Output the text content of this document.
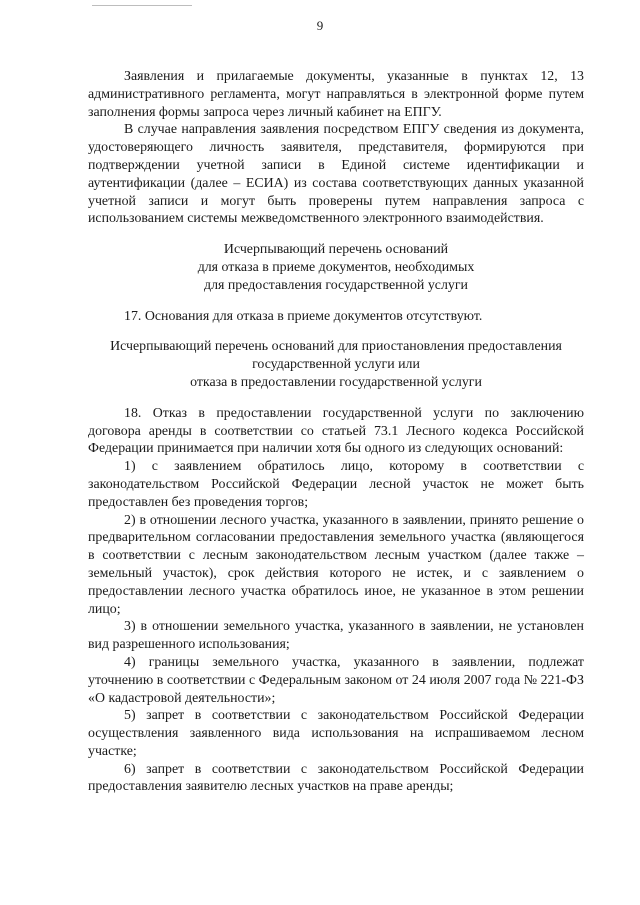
9

Заявления и прилагаемые документы, указанные в пунктах 12, 13 административного регламента, могут направляться в электронной форме путем заполнения формы запроса через личный кабинет на ЕПГУ.

В случае направления заявления посредством ЕПГУ сведения из документа, удостоверяющего личность заявителя, представителя, формируются при подтверждении учетной записи в Единой системе идентификации и аутентификации (далее – ЕСИА) из состава соответствующих данных указанной учетной записи и могут быть проверены путем направления запроса с использованием системы межведомственного электронного взаимодействия.

Исчерпывающий перечень оснований
для отказа в приеме документов, необходимых
для предоставления государственной услуги

17. Основания для отказа в приеме документов отсутствуют.

Исчерпывающий перечень оснований для приостановления предоставления
государственной услуги или
отказа в предоставлении государственной услуги

18. Отказ в предоставлении государственной услуги по заключению договора аренды в соответствии со статьей 73.1 Лесного кодекса Российской Федерации принимается при наличии хотя бы одного из следующих оснований:

1) с заявлением обратилось лицо, которому в соответствии с законодательством Российской Федерации лесной участок не может быть предоставлен без проведения торгов;

2) в отношении лесного участка, указанного в заявлении, принято решение о предварительном согласовании предоставления земельного участка (являющегося в соответствии с лесным законодательством лесным участком (далее также – земельный участок), срок действия которого не истек, и с заявлением о предоставлении лесного участка обратилось иное, не указанное в этом решении лицо;

3) в отношении земельного участка, указанного в заявлении, не установлен вид разрешенного использования;

4) границы земельного участка, указанного в заявлении, подлежат уточнению в соответствии с Федеральным законом от 24 июля 2007 года № 221-ФЗ «О кадастровой деятельности»;

5) запрет в соответствии с законодательством Российской Федерации осуществления заявленного вида использования на испрашиваемом лесном участке;

6) запрет в соответствии с законодательством Российской Федерации предоставления заявителю лесных участков на праве аренды;
